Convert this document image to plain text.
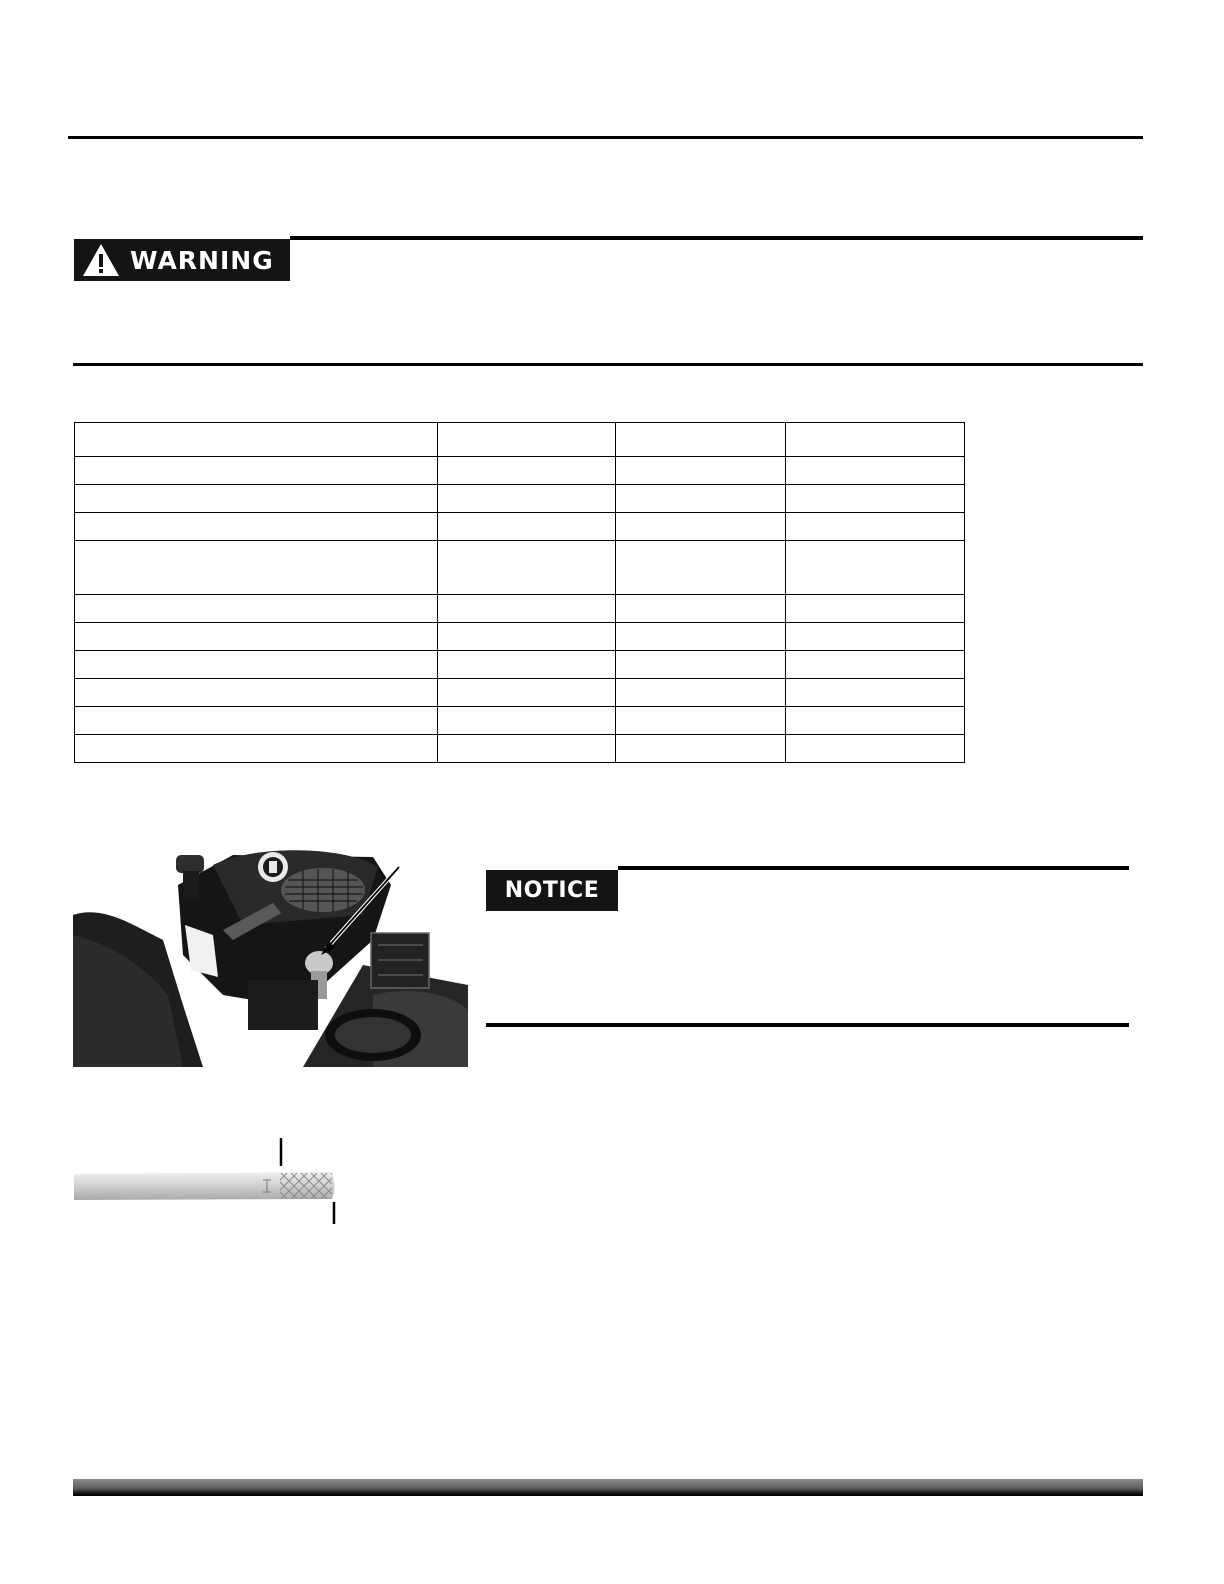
WARNING

NOTICE
